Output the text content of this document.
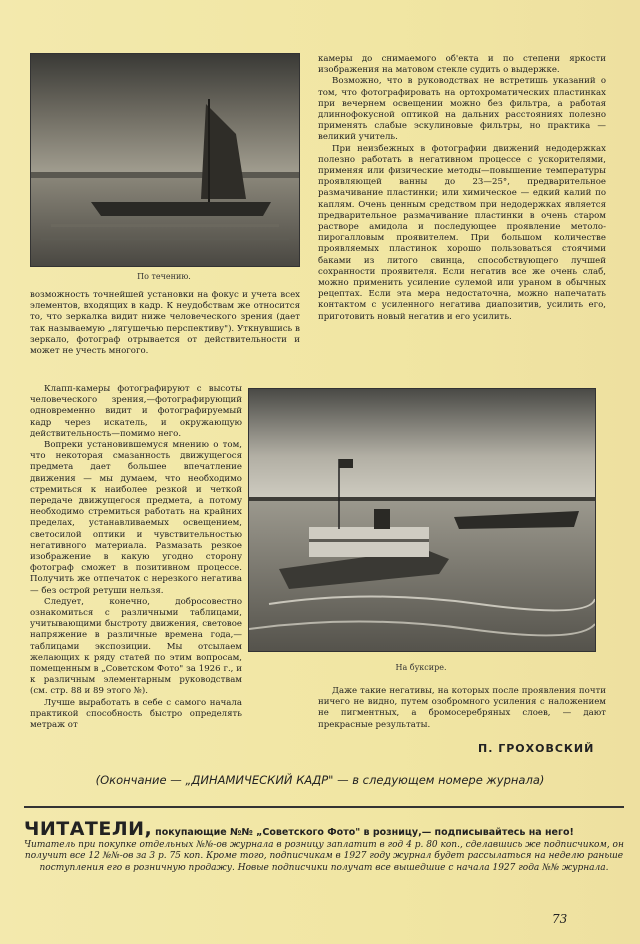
По течению.

возможность точнейшей установки на фокус и учета всех элементов, входящих в кадр. К неудобствам же относится то, что зеркалка видит ниже человеческого зрения (дает так называемую „лягушечью перспективу"). Уткнувшись в зеркало, фотограф отрывается от действительности и может не учесть многого.

Клапп-камеры фотографируют с высоты человеческого зрения,—фотографирующий одновременно видит и фотографируемый кадр через искатель, и окружающую действительность—помимо него.

Вопреки установившемуся мнению о том, что некоторая смазанность движущегося предмета дает большее впечатление движения — мы думаем, что необходимо стремиться к наиболее резкой и четкой передаче движущегося предмета, а потому необходимо стремиться работать на крайних пределах, устанавливаемых освещением, светосилой оптики и чувствительностью негативного материала. Размазать резкое изображение в какую угодно сторону фотограф сможет в позитивном процессе. Получить же отпечаток с нерезкого негатива — без острой ретуши нельзя.

Следует, конечно, добросовестно ознакомиться с различными таблицами, учитывающими быстроту движения, световое напряжение в различные времена года,—таблицами экспозиции. Мы отсылаем желающих к ряду статей по этим вопросам, помещенным в „Советском Фото" за 1926 г., и к различным элементарным руководствам (см. стр. 88 и 89 этого №).

Лучше выработать в себе с самого начала практикой способность быстро определять метраж от

камеры до снимаемого об'екта и по степени яркости изображения на матовом стекле судить о выдержке.

Возможно, что в руководствах не встретишь указаний о том, что фотографировать на ортохроматических пластинках при вечернем освещении можно без фильтра, а работая длиннофокусной оптикой на дальних расстояниях полезно применять слабые эскулиновые фильтры, но практика — великий учитель.

При неизбежных в фотографии движений недодержках полезно работать в негативном процессе с ускорителями, применяя или физические методы—повышение температуры проявляющей ванны до 23—25°, предварительное размачивание пластинки; или химическое — едкий калий по каплям. Очень ценным средством при недодержках является предварительное размачивание пластинки в очень старом растворе амидола и последующее проявление метоло-пирогалловым проявителем. При большом количестве проявляемых пластинок хорошо пользоваться стоячими баками из литого свинца, способствующего лучшей сохранности проявителя. Если негатив все же очень слаб, можно применить усиление сулемой или ураном в обычных рецептах. Если эта мера недостаточна, можно напечатать контактом с усиленного негатива диапозитив, усилить его, приготовить новый негатив и его усилить.

На буксире.

Даже такие негативы, на которых после проявления почти ничего не видно, путем озобромного усиления с наложением не пигментных, а бромосеребряных слоев, — дают прекрасные результаты.

П. ГРОХОВСКИЙ
(Окончание — „ДИНАМИЧЕСКИЙ КАДР" — в следующем номере журнала)
ЧИТАТЕЛИ, покупающие №№ „Советского Фото" в розницу,— подписывайтесь на него!
Читатель при покупке отдельных №№-ов журнала в розницу заплатит в год 4 р. 80 коп., сделавшись же подписчиком, он получит все 12 №№-ов за 3 р. 75 коп. Кроме того, подписчикам в 1927 году журнал будет рассылаться на неделю раньше поступления его в розничную продажу. Новые подписчики получат все вышедшие с начала 1927 года №№ журнала.
73
